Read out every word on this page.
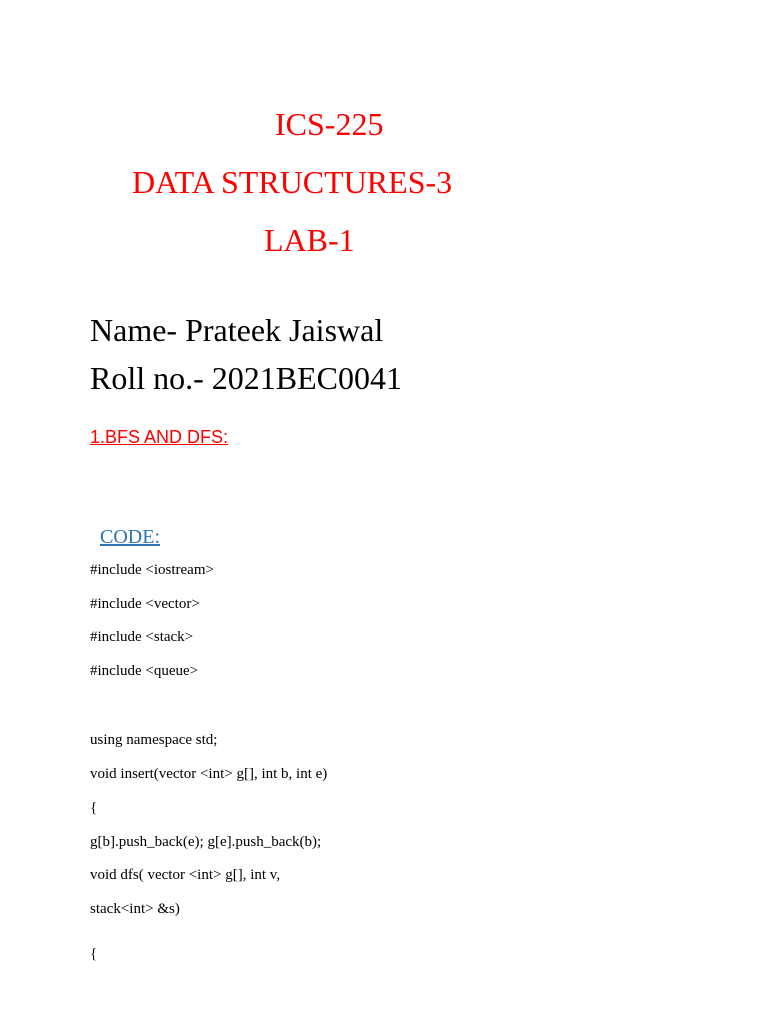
ICS-225
DATA STRUCTURES-3
LAB-1
Name- Prateek Jaiswal
Roll no.- 2021BEC0041
1.BFS AND DFS:
CODE:
#include <iostream>
#include <vector>
#include <stack>
#include <queue>
using namespace std;
void insert(vector <int> g[], int b, int e)
{
g[b].push_back(e); g[e].push_back(b);
void dfs( vector <int> g[], int v,
stack<int> &s)
{
